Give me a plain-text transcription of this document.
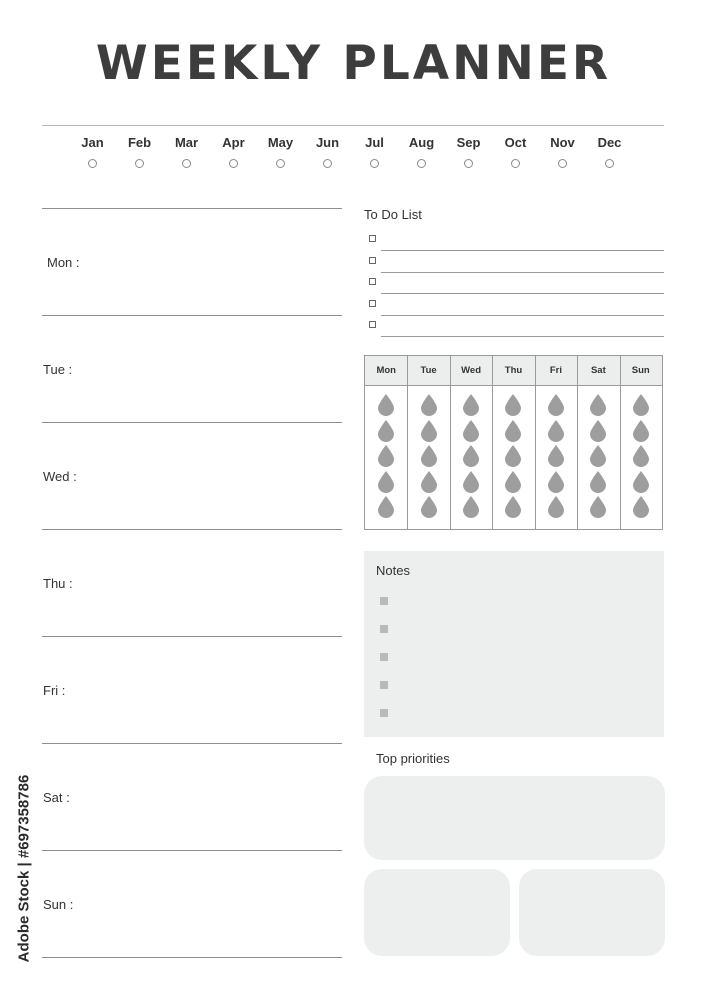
WEEKLY PLANNER
Jan	Feb	Mar	Apr	May	Jun	Jul	Aug	Sep	Oct	Nov	Dec
Mon :
Tue :
Wed :
Thu :
Fri :
Sat :
Sun :
To Do List
Mon	Tue	Wed	Thu	Fri	Sat	Sun
Notes
Top priorities
Adobe Stock | #697358786
